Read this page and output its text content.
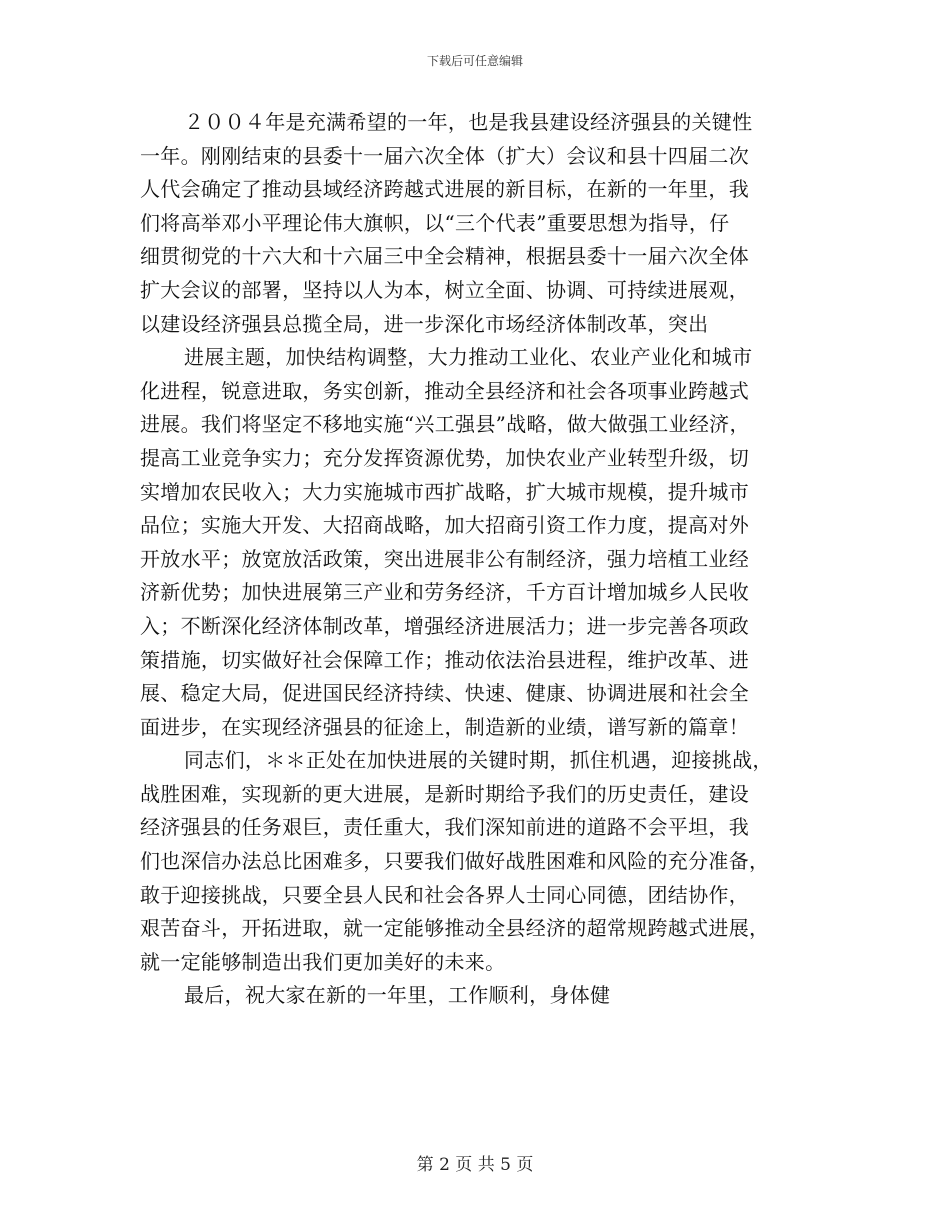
下载后可任意编辑
２００４年是充满希望的一年，也是我县建设经济强县的关键性
一年。刚刚结束的县委十一届六次全体（扩大）会议和县十四届二次
人代会确定了推动县域经济跨越式进展的新目标，在新的一年里，我
们将高举邓小平理论伟大旗帜，以“三个代表”重要思想为指导，仔
细贯彻党的十六大和十六届三中全会精神，根据县委十一届六次全体
扩大会议的部署，坚持以人为本，树立全面、协调、可持续进展观，
以建设经济强县总揽全局，进一步深化市场经济体制改革，突出
进展主题，加快结构调整，大力推动工业化、农业产业化和城市
化进程，锐意进取，务实创新，推动全县经济和社会各项事业跨越式
进展。我们将坚定不移地实施“兴工强县”战略，做大做强工业经济，
提高工业竞争实力；充分发挥资源优势，加快农业产业转型升级，切
实增加农民收入；大力实施城市西扩战略，扩大城市规模，提升城市
品位；实施大开发、大招商战略，加大招商引资工作力度，提高对外
开放水平；放宽放活政策，突出进展非公有制经济，强力培植工业经
济新优势；加快进展第三产业和劳务经济，千方百计增加城乡人民收
入；不断深化经济体制改革，增强经济进展活力；进一步完善各项政
策措施，切实做好社会保障工作；推动依法治县进程，维护改革、进
展、稳定大局，促进国民经济持续、快速、健康、协调进展和社会全
面进步，在实现经济强县的征途上，制造新的业绩，谱写新的篇章！
同志们，＊＊正处在加快进展的关键时期，抓住机遇，迎接挑战，
战胜困难，实现新的更大进展，是新时期给予我们的历史责任，建设
经济强县的任务艰巨，责任重大，我们深知前进的道路不会平坦，我
们也深信办法总比困难多，只要我们做好战胜困难和风险的充分准备，
敢于迎接挑战，只要全县人民和社会各界人士同心同德，团结协作，
艰苦奋斗，开拓进取，就一定能够推动全县经济的超常规跨越式进展，
就一定能够制造出我们更加美好的未来。
最后，祝大家在新的一年里，工作顺利，身体健
第 2 页 共 5 页
